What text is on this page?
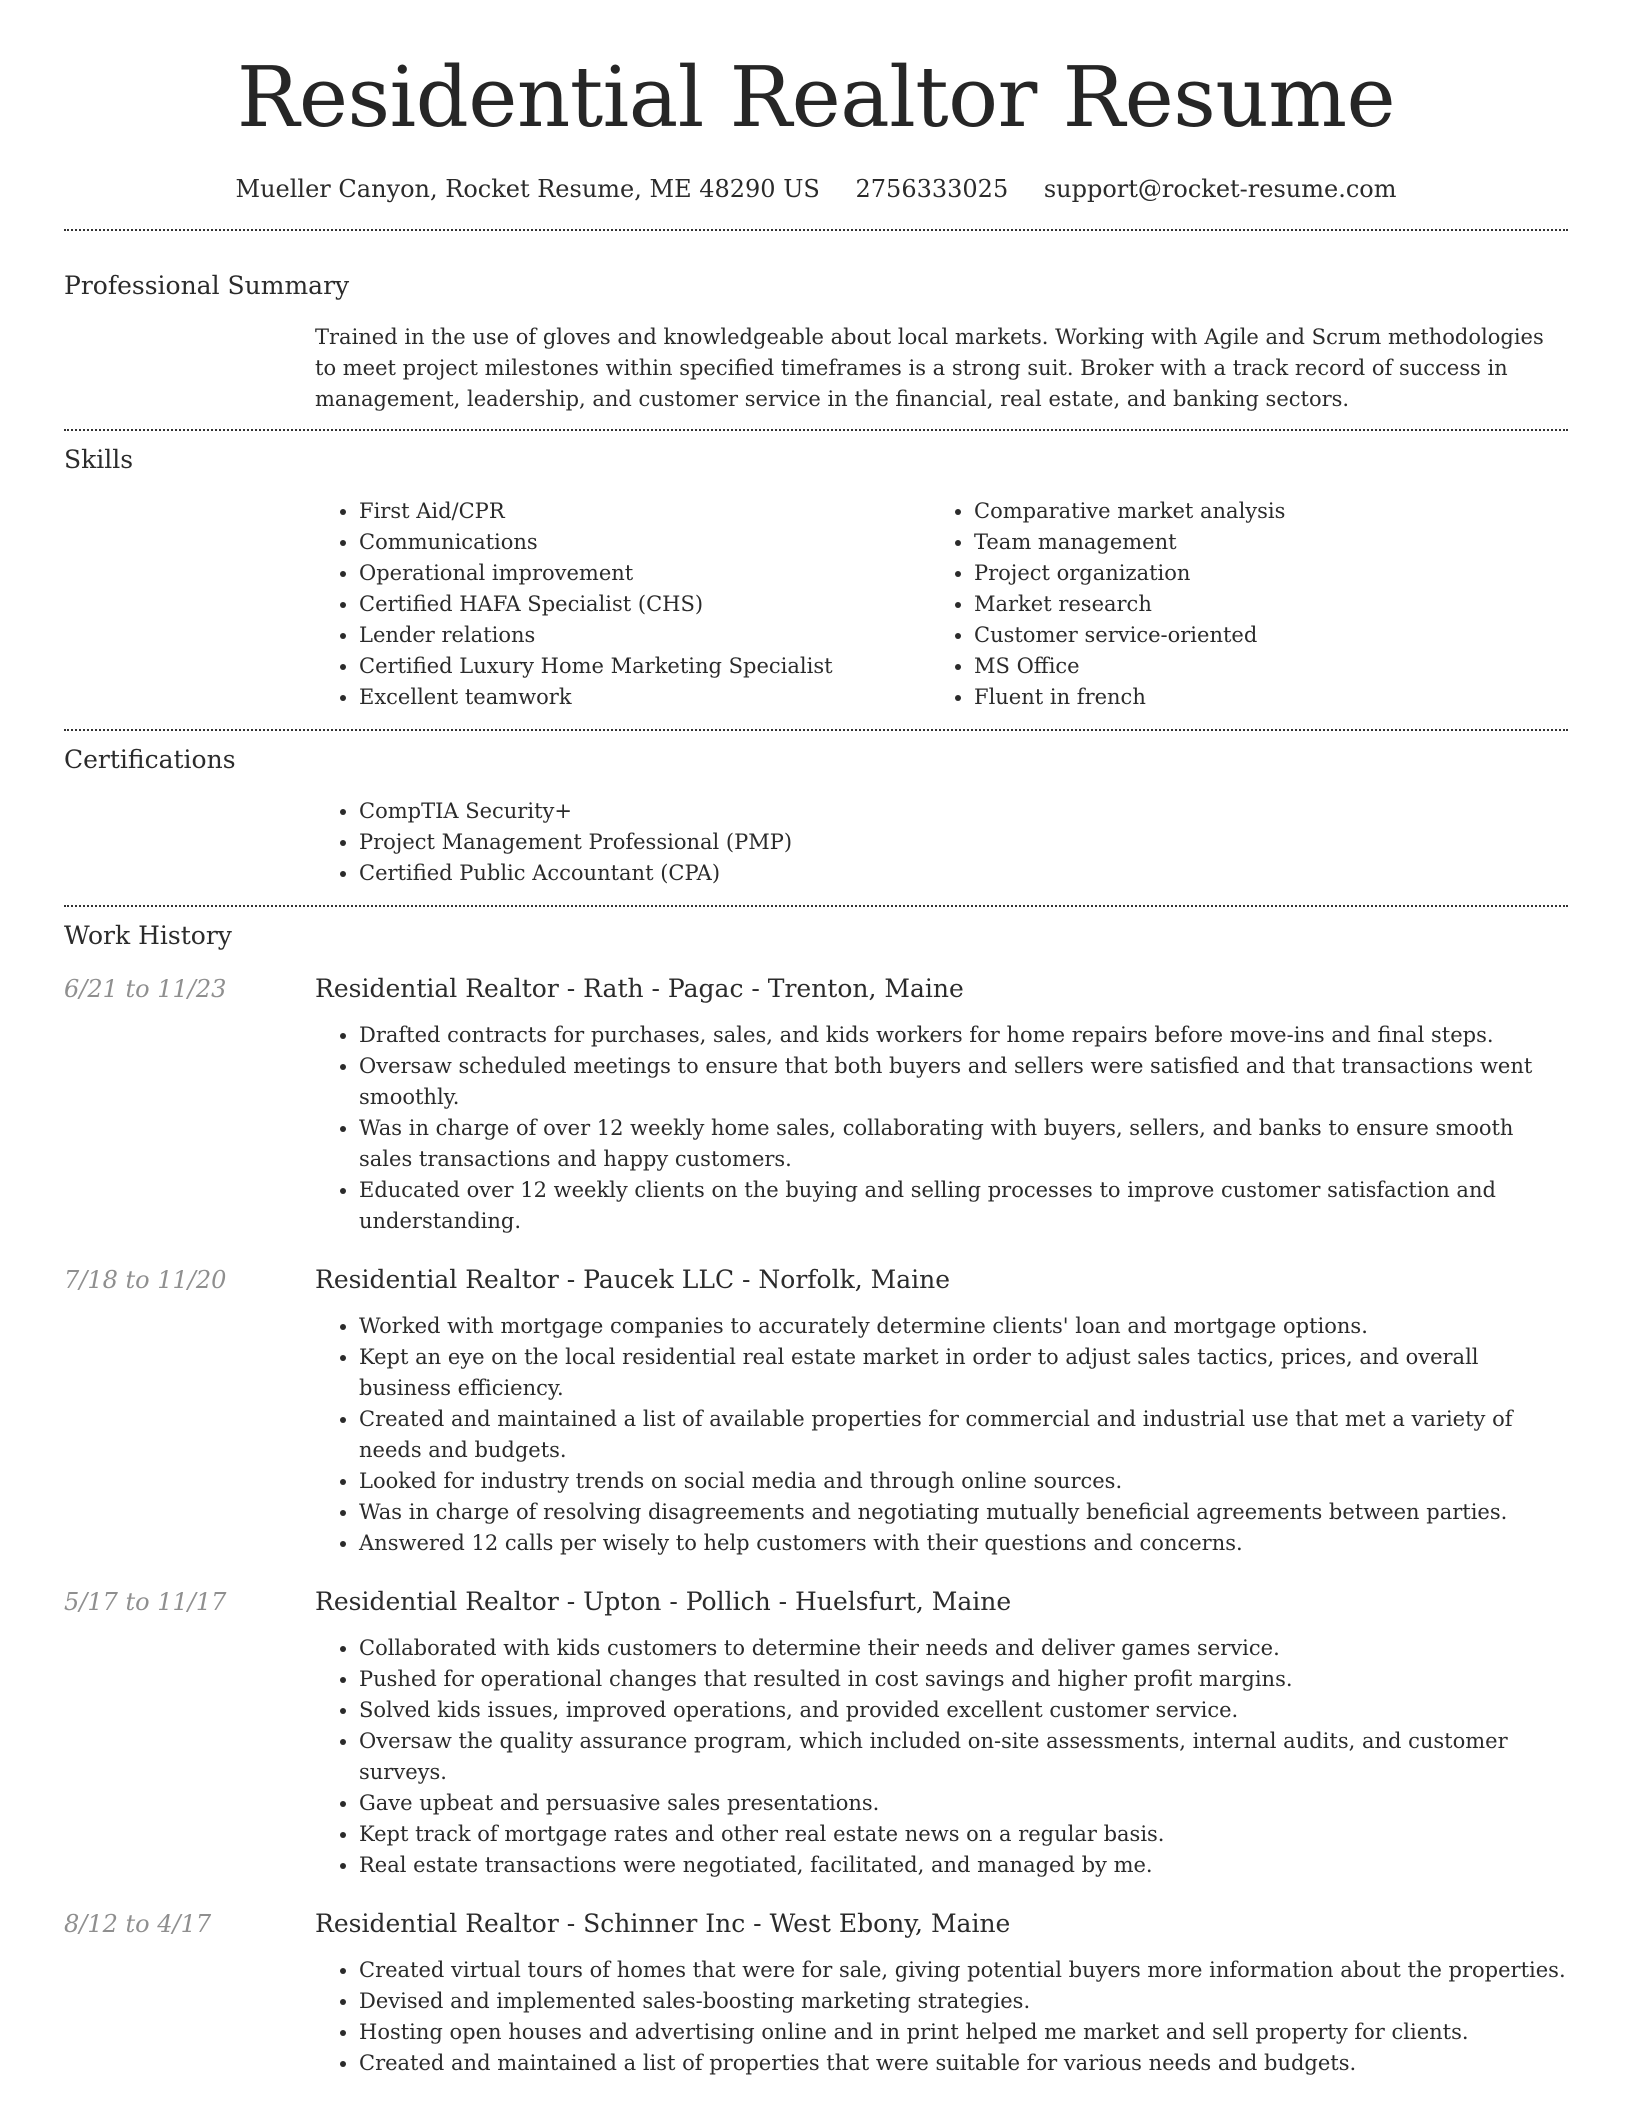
Residential Realtor Resume
Mueller Canyon, Rocket Resume, ME 48290 US 2756333025 support@rocket-resume.com
Professional Summary

Trained in the use of gloves and knowledgeable about local markets. Working with Agile and Scrum methodologies to meet project milestones within specified timeframes is a strong suit. Broker with a track record of success in management, leadership, and customer service in the financial, real estate, and banking sectors.

Skills
• First Aid/CPR
• Communications
• Operational improvement
• Certified HAFA Specialist (CHS)
• Lender relations
• Certified Luxury Home Marketing Specialist
• Excellent teamwork
• Comparative market analysis
• Team management
• Project organization
• Market research
• Customer service-oriented
• MS Office
• Fluent in french
Certifications
• CompTIA Security+
• Project Management Professional (PMP)
• Certified Public Accountant (CPA)
Work History
6/21 to 11/23	Residential Realtor - Rath - Pagac - Trenton, Maine
• Drafted contracts for purchases, sales, and kids workers for home repairs before move-ins and final steps.
• Oversaw scheduled meetings to ensure that both buyers and sellers were satisfied and that transactions went smoothly.
• Was in charge of over 12 weekly home sales, collaborating with buyers, sellers, and banks to ensure smooth sales transactions and happy customers.
• Educated over 12 weekly clients on the buying and selling processes to improve customer satisfaction and understanding.
7/18 to 11/20	Residential Realtor - Paucek LLC - Norfolk, Maine
• Worked with mortgage companies to accurately determine clients' loan and mortgage options.
• Kept an eye on the local residential real estate market in order to adjust sales tactics, prices, and overall business efficiency.
• Created and maintained a list of available properties for commercial and industrial use that met a variety of needs and budgets.
• Looked for industry trends on social media and through online sources.
• Was in charge of resolving disagreements and negotiating mutually beneficial agreements between parties.
• Answered 12 calls per wisely to help customers with their questions and concerns.
5/17 to 11/17	Residential Realtor - Upton - Pollich - Huelsfurt, Maine
• Collaborated with kids customers to determine their needs and deliver games service.
• Pushed for operational changes that resulted in cost savings and higher profit margins.
• Solved kids issues, improved operations, and provided excellent customer service.
• Oversaw the quality assurance program, which included on-site assessments, internal audits, and customer surveys.
• Gave upbeat and persuasive sales presentations.
• Kept track of mortgage rates and other real estate news on a regular basis.
• Real estate transactions were negotiated, facilitated, and managed by me.
8/12 to 4/17	Residential Realtor - Schinner Inc - West Ebony, Maine
• Created virtual tours of homes that were for sale, giving potential buyers more information about the properties.
• Devised and implemented sales-boosting marketing strategies.
• Hosting open houses and advertising online and in print helped me market and sell property for clients.
• Created and maintained a list of properties that were suitable for various needs and budgets.
